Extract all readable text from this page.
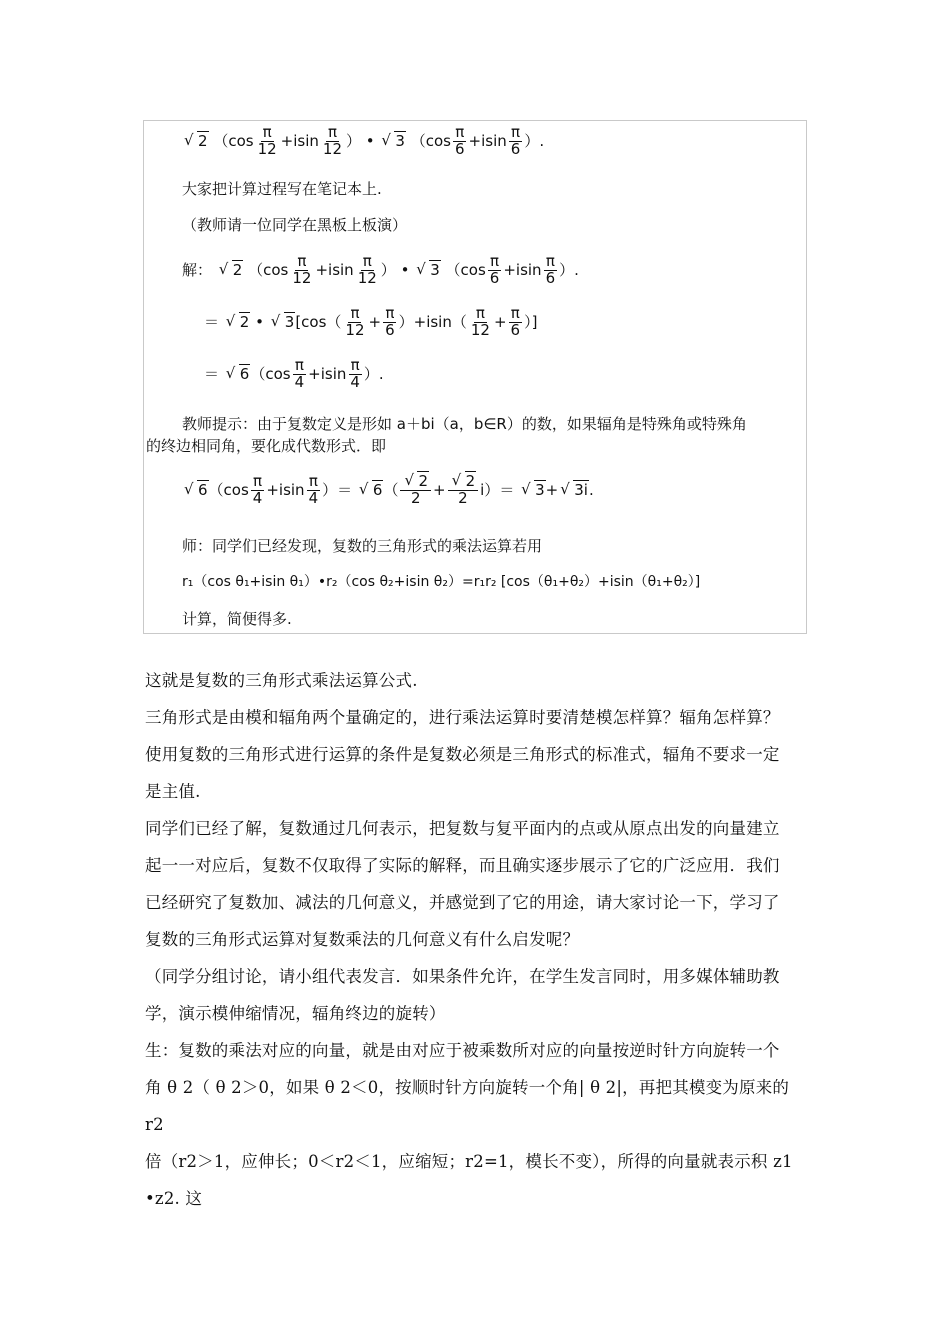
√ 2 （$\cos \frac{\pi}{12} +isin \frac{\pi}{12}$ ） • √ 3 （$\cos \frac{\pi}{6} +isin \frac{\pi}{6}$ ）.
大家把计算过程写在笔记本上.
（教师请一位同学在黑板上板演）
解： √ 2 （$\cos \frac{\pi}{12} +isin \frac{\pi}{12}$ ） • √ 3 （$\cos \frac{\pi}{6} +isin \frac{\pi}{6}$ ）.
＝ √ 2 • √ $3[\cos( \frac{\pi}{12} + \frac{\pi}{6} )+isin( \frac{\pi}{12} + \frac{\pi}{6}$ ）]
＝ √ $6(\cos \frac{\pi}{4} +isin \frac{\pi}{4}$ ）.
教师提示：由于复数定义是形如 a＋bi（a，b∈R）的数，如果辐角是特殊角或特殊角
的终边相同角，要化成代数形式．即
√ $6(\cos \frac{\pi}{4} +isin \frac{\pi}{4}$ ）＝ √ 6（ √ $\frac{2}{2}$ + √ $\frac{2}{2} i)=$ √ 3+ √ 3i.
师：同学们已经发现，复数的三角形式的乘法运算若用
r₁（cos θ₁+isin θ₁）•r₂（cos θ₂+isin θ₂）=r₁r₂ [cos（θ₁+θ₂）+isin（θ₁+θ₂）]
计算，简便得多.

这就是复数的三角形式乘法运算公式.

三角形式是由模和辐角两个量确定的，进行乘法运算时要清楚模怎样算？辐角怎样算？

使用复数的三角形式进行运算的条件是复数必须是三角形式的标准式，辐角不要求一定

是主值.

同学们已经了解，复数通过几何表示，把复数与复平面内的点或从原点出发的向量建立

起一一对应后，复数不仅取得了实际的解释，而且确实逐步展示了它的广泛应用．我们

已经研究了复数加、减法的几何意义，并感觉到了它的用途，请大家讨论一下，学习了

复数的三角形式运算对复数乘法的几何意义有什么启发呢？

（同学分组讨论，请小组代表发言．如果条件允许，在学生发言同时，用多媒体辅助教

学，演示模伸缩情况，辐角终边的旋转）

生：复数的乘法对应的向量，就是由对应于被乘数所对应的向量按逆时针方向旋转一个

角 θ 2（ θ 2＞0，如果 θ 2＜0，按顺时针方向旋转一个角| θ 2|，再把其模变为原来的 r2

倍（r2＞1，应伸长；0＜r2＜1，应缩短；r2=1，模长不变），所得的向量就表示积 z1 •z2. 这
